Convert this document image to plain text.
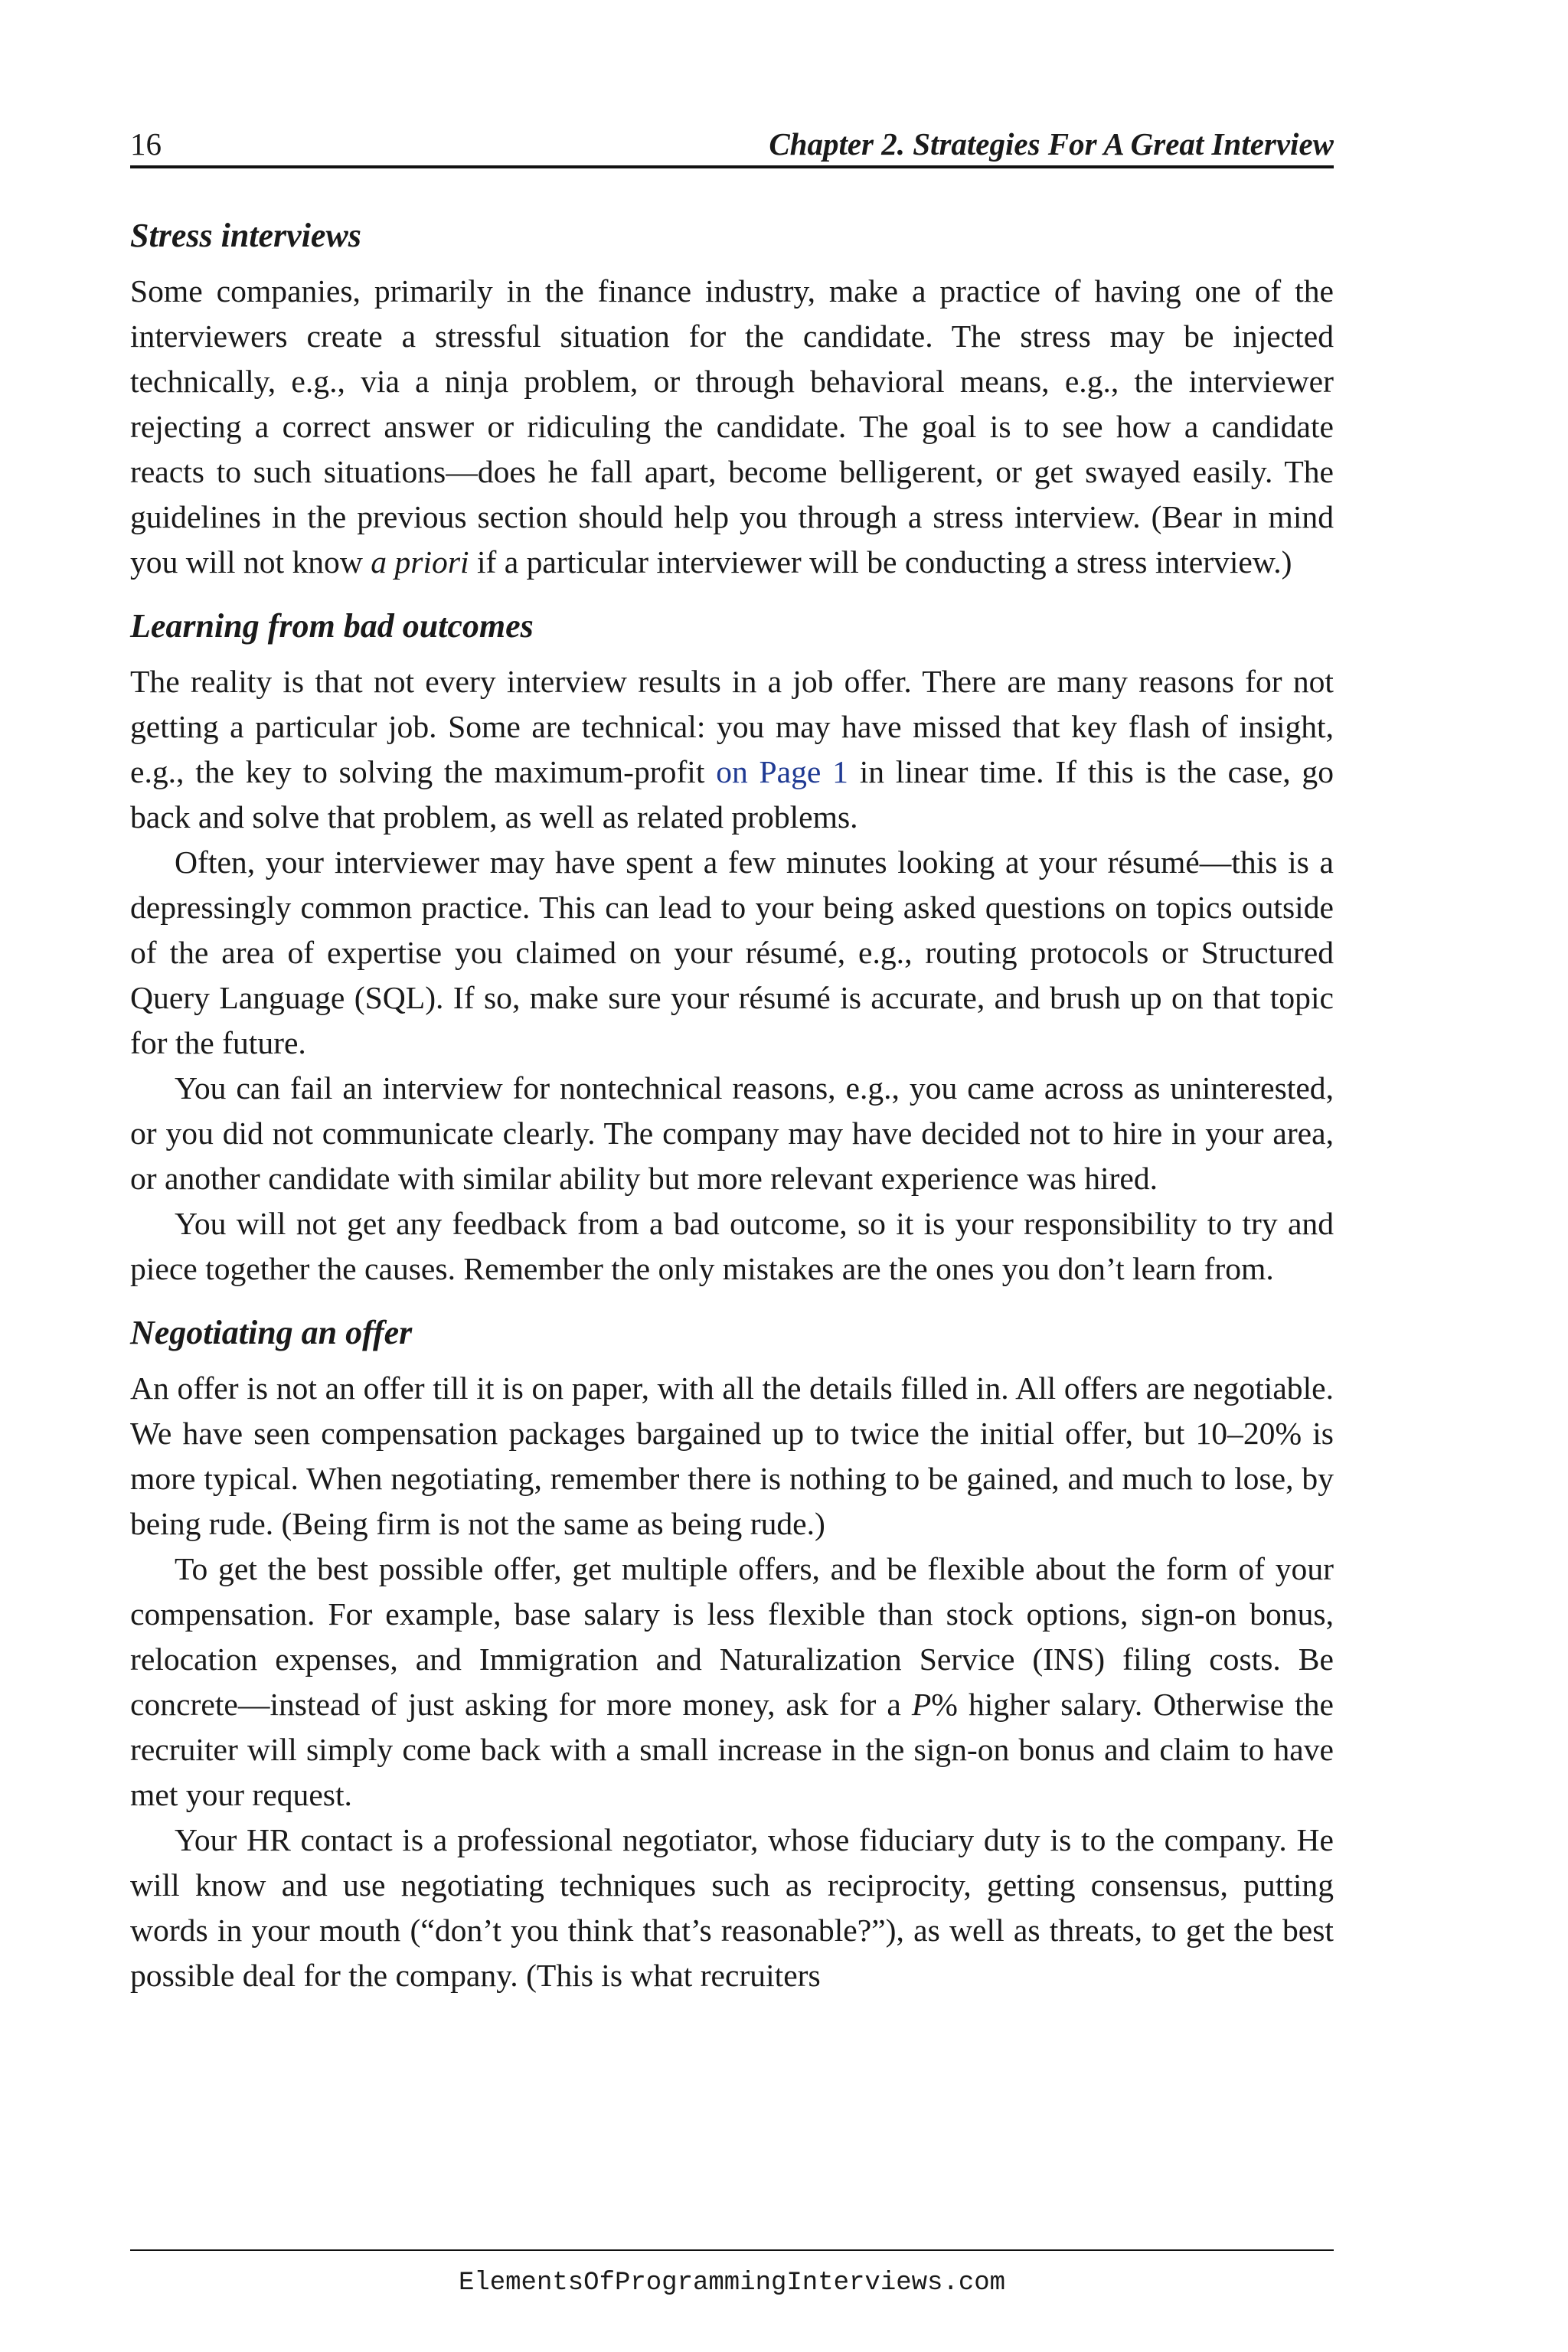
16	Chapter 2. Strategies For A Great Interview
Stress interviews

Some companies, primarily in the finance industry, make a practice of having one of the interviewers create a stressful situation for the candidate. The stress may be injected technically, e.g., via a ninja problem, or through behavioral means, e.g., the interviewer rejecting a correct answer or ridiculing the candidate. The goal is to see how a candidate reacts to such situations—does he fall apart, become belligerent, or get swayed easily. The guidelines in the previous section should help you through a stress interview. (Bear in mind you will not know a priori if a particular interviewer will be conducting a stress interview.)

Learning from bad outcomes

The reality is that not every interview results in a job offer. There are many reasons for not getting a particular job. Some are technical: you may have missed that key flash of insight, e.g., the key to solving the maximum-profit on Page 1 in linear time. If this is the case, go back and solve that problem, as well as related problems.

Often, your interviewer may have spent a few minutes looking at your résumé—this is a depressingly common practice. This can lead to your being asked questions on topics outside of the area of expertise you claimed on your résumé, e.g., routing protocols or Structured Query Language (SQL). If so, make sure your résumé is accurate, and brush up on that topic for the future.

You can fail an interview for nontechnical reasons, e.g., you came across as uninterested, or you did not communicate clearly. The company may have decided not to hire in your area, or another candidate with similar ability but more relevant experience was hired.

You will not get any feedback from a bad outcome, so it is your responsibility to try and piece together the causes. Remember the only mistakes are the ones you don’t learn from.

Negotiating an offer

An offer is not an offer till it is on paper, with all the details filled in. All offers are negotiable. We have seen compensation packages bargained up to twice the initial offer, but 10–20% is more typical. When negotiating, remember there is nothing to be gained, and much to lose, by being rude. (Being firm is not the same as being rude.)

To get the best possible offer, get multiple offers, and be flexible about the form of your compensation. For example, base salary is less flexible than stock options, sign-on bonus, relocation expenses, and Immigration and Naturalization Service (INS) filing costs. Be concrete—instead of just asking for more money, ask for a P% higher salary. Otherwise the recruiter will simply come back with a small increase in the sign-on bonus and claim to have met your request.

Your HR contact is a professional negotiator, whose fiduciary duty is to the company. He will know and use negotiating techniques such as reciprocity, getting consensus, putting words in your mouth (“don’t you think that’s reasonable?”), as well as threats, to get the best possible deal for the company. (This is what recruiters

ElementsOfProgrammingInterviews.com
